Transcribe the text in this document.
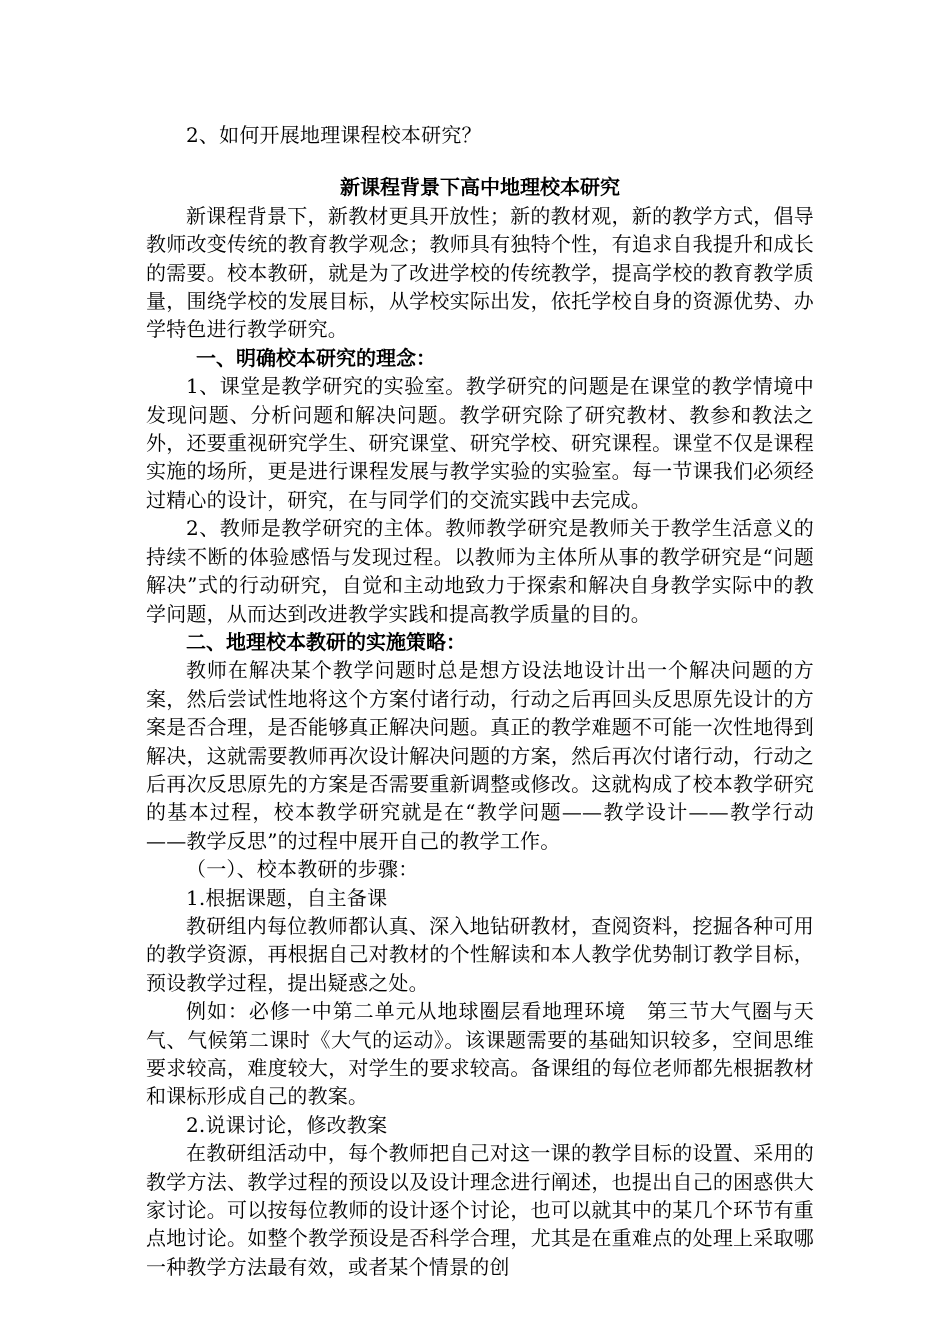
2、如何开展地理课程校本研究？

新课程背景下高中地理校本研究

新课程背景下，新教材更具开放性；新的教材观，新的教学方式，倡导教师改变传统的教育教学观念；教师具有独特个性，有追求自我提升和成长的需要。校本教研，就是为了改进学校的传统教学，提高学校的教育教学质量，围绕学校的发展目标，从学校实际出发，依托学校自身的资源优势、办学特色进行教学研究。

一、明确校本研究的理念：

1、课堂是教学研究的实验室。教学研究的问题是在课堂的教学情境中发现问题、分析问题和解决问题。教学研究除了研究教材、教参和教法之外，还要重视研究学生、研究课堂、研究学校、研究课程。课堂不仅是课程实施的场所，更是进行课程发展与教学实验的实验室。每一节课我们必须经过精心的设计，研究，在与同学们的交流实践中去完成。

2、教师是教学研究的主体。教师教学研究是教师关于教学生活意义的持续不断的体验感悟与发现过程。以教师为主体所从事的教学研究是“问题解决”式的行动研究，自觉和主动地致力于探索和解决自身教学实际中的教学问题，从而达到改进教学实践和提高教学质量的目的。

二、地理校本教研的实施策略：

教师在解决某个教学问题时总是想方设法地设计出一个解决问题的方案，然后尝试性地将这个方案付诸行动，行动之后再回头反思原先设计的方案是否合理，是否能够真正解决问题。真正的教学难题不可能一次性地得到解决，这就需要教师再次设计解决问题的方案，然后再次付诸行动，行动之后再次反思原先的方案是否需要重新调整或修改。这就构成了校本教学研究的基本过程，校本教学研究就是在“教学问题——教学设计——教学行动——教学反思”的过程中展开自己的教学工作。

（一）、校本教研的步骤：

1.根据课题，自主备课

教研组内每位教师都认真、深入地钻研教材，查阅资料，挖掘各种可用的教学资源，再根据自己对教材的个性解读和本人教学优势制订教学目标，预设教学过程，提出疑惑之处。

例如：必修一中第二单元从地球圈层看地理环境　第三节大气圈与天气、气候第二课时《大气的运动》。该课题需要的基础知识较多，空间思维要求较高，难度较大，对学生的要求较高。备课组的每位老师都先根据教材和课标形成自己的教案。

2.说课讨论，修改教案

在教研组活动中，每个教师把自己对这一课的教学目标的设置、采用的教学方法、教学过程的预设以及设计理念进行阐述，也提出自己的困惑供大家讨论。可以按每位教师的设计逐个讨论，也可以就其中的某几个环节有重点地讨论。如整个教学预设是否科学合理，尤其是在重难点的处理上采取哪一种教学方法最有效，或者某个情景的创
